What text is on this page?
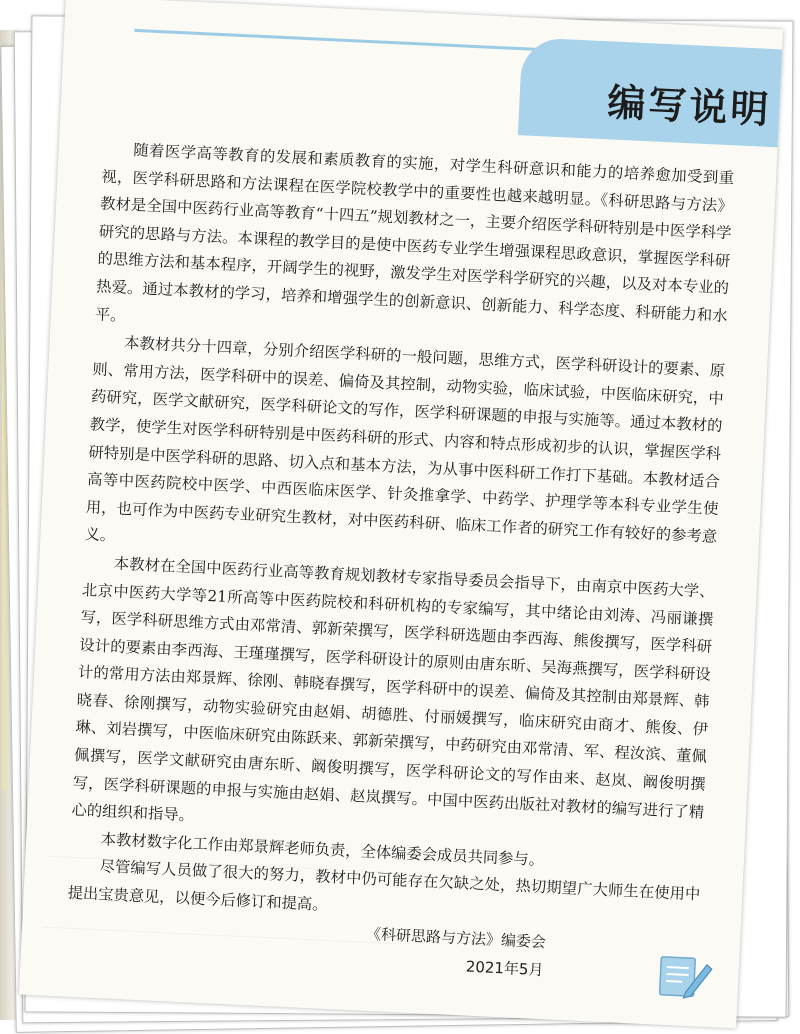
编写说明

随着医学高等教育的发展和素质教育的实施，对学生科研意识和能力的培养愈加受到重视，医学科研思路和方法课程在医学院校教学中的重要性也越来越明显。《科研思路与方法》教材是全国中医药行业高等教育“十四五”规划教材之一，主要介绍医学科研特别是中医学科学研究的思路与方法。本课程的教学目的是使中医药专业学生增强课程思政意识，掌握医学科研的思维方法和基本程序，开阔学生的视野，激发学生对医学科学研究的兴趣，以及对本专业的热爱。通过本教材的学习，培养和增强学生的创新意识、创新能力、科学态度、科研能力和水平。

本教材共分十四章，分别介绍医学科研的一般问题，思维方式，医学科研设计的要素、原则、常用方法，医学科研中的误差、偏倚及其控制，动物实验，临床试验，中医临床研究，中药研究，医学文献研究，医学科研论文的写作，医学科研课题的申报与实施等。通过本教材的教学，使学生对医学科研特别是中医药科研的形式、内容和特点形成初步的认识，掌握医学科研特别是中医学科研的思路、切入点和基本方法，为从事中医科研工作打下基础。本教材适合高等中医药院校中医学、中西医临床医学、针灸推拿学、中药学、护理学等本科专业学生使用，也可作为中医药专业研究生教材，对中医药科研、临床工作者的研究工作有较好的参考意义。

本教材在全国中医药行业高等教育规划教材专家指导委员会指导下，由南京中医药大学、北京中医药大学等21所高等中医药院校和科研机构的专家编写，其中绪论由刘涛、冯丽谦撰写，医学科研思维方式由邓常清、郭新荣撰写，医学科研选题由李西海、熊俊撰写，医学科研设计的要素由李西海、王瑾瑾撰写，医学科研设计的原则由唐东昕、吴海燕撰写，医学科研设计的常用方法由郑景辉、徐刚、韩晓春撰写，医学科研中的误差、偏倚及其控制由郑景辉、韩晓春、徐刚撰写，动物实验研究由赵娟、胡德胜、付丽媛撰写，临床研究由商才、熊俊、伊琳、刘岩撰写，中医临床研究由陈跃来、郭新荣撰写，中药研究由邓常清、军、程汝滨、董佩佩撰写，医学文献研究由唐东昕、阚俊明撰写，医学科研论文的写作由来、赵岚、阚俊明撰写，医学科研课题的申报与实施由赵娟、赵岚撰写。中国中医药出版社对教材的编写进行了精心的组织和指导。

本教材数字化工作由郑景辉老师负责，全体编委会成员共同参与。

尽管编写人员做了很大的努力，教材中仍可能存在欠缺之处，热切期望广大师生在使用中提出宝贵意见，以便今后修订和提高。

《科研思路与方法》编委会
2021年5月
